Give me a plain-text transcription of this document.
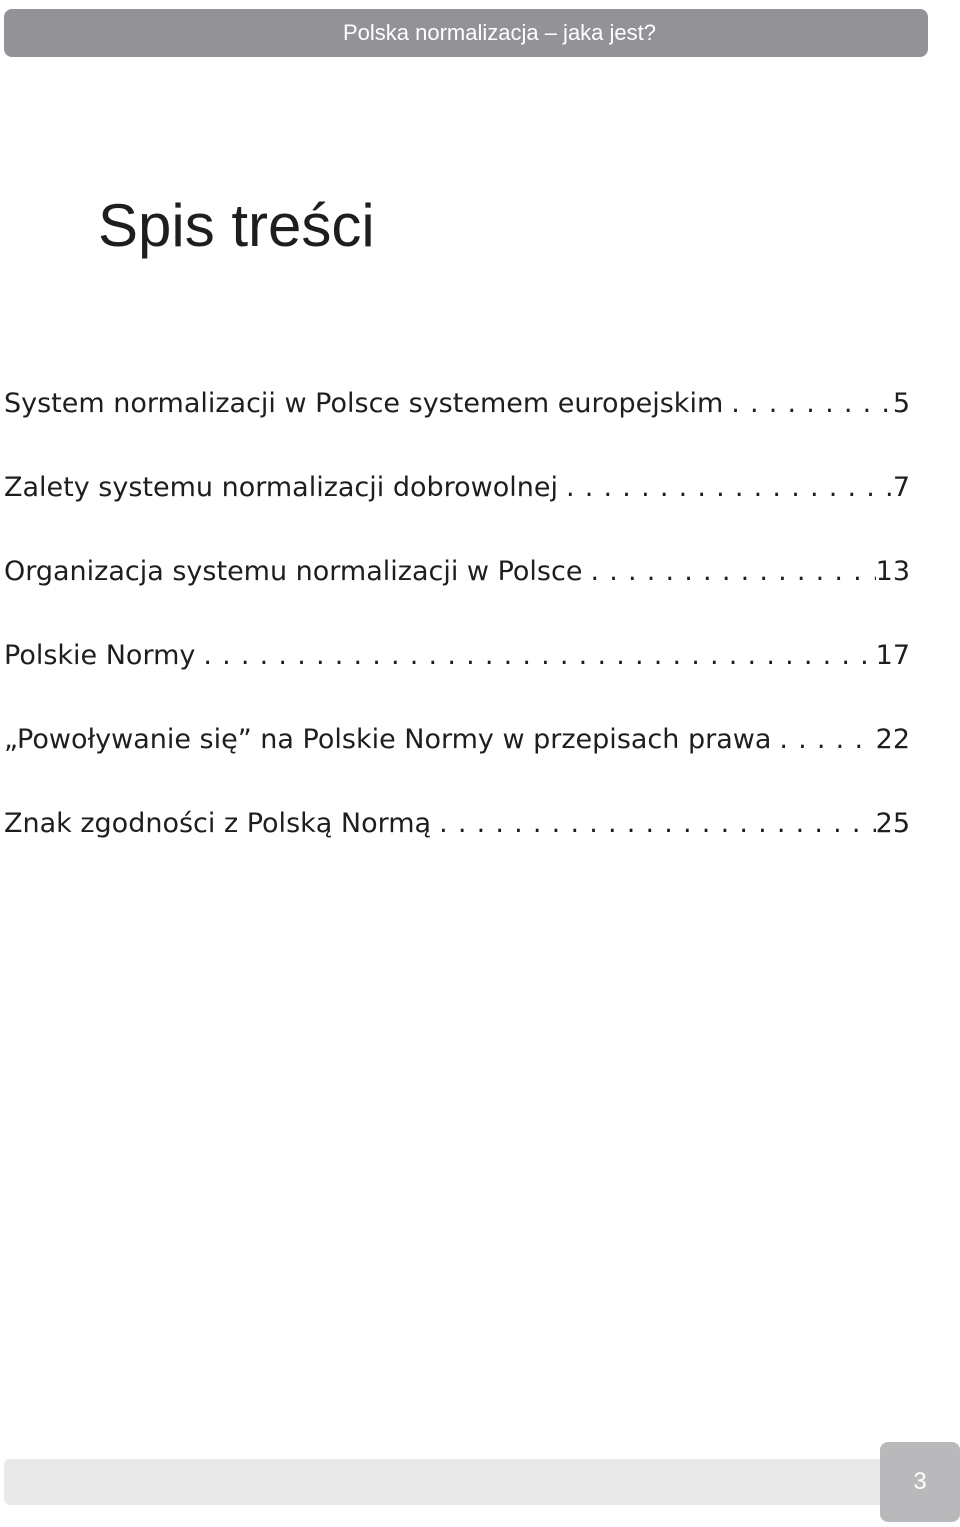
Polska normalizacja – jaka jest?
Spis treści
System normalizacji w Polsce systemem europejskim . . .	5
Zalety systemu normalizacji dobrowolnej . . .	7
Organizacja systemu normalizacji w Polsce . . .	13
Polskie Normy . . .	17
„Powoływanie się” na Polskie Normy w przepisach prawa . . .	22
Znak zgodności z Polską Normą . . .	25
3
